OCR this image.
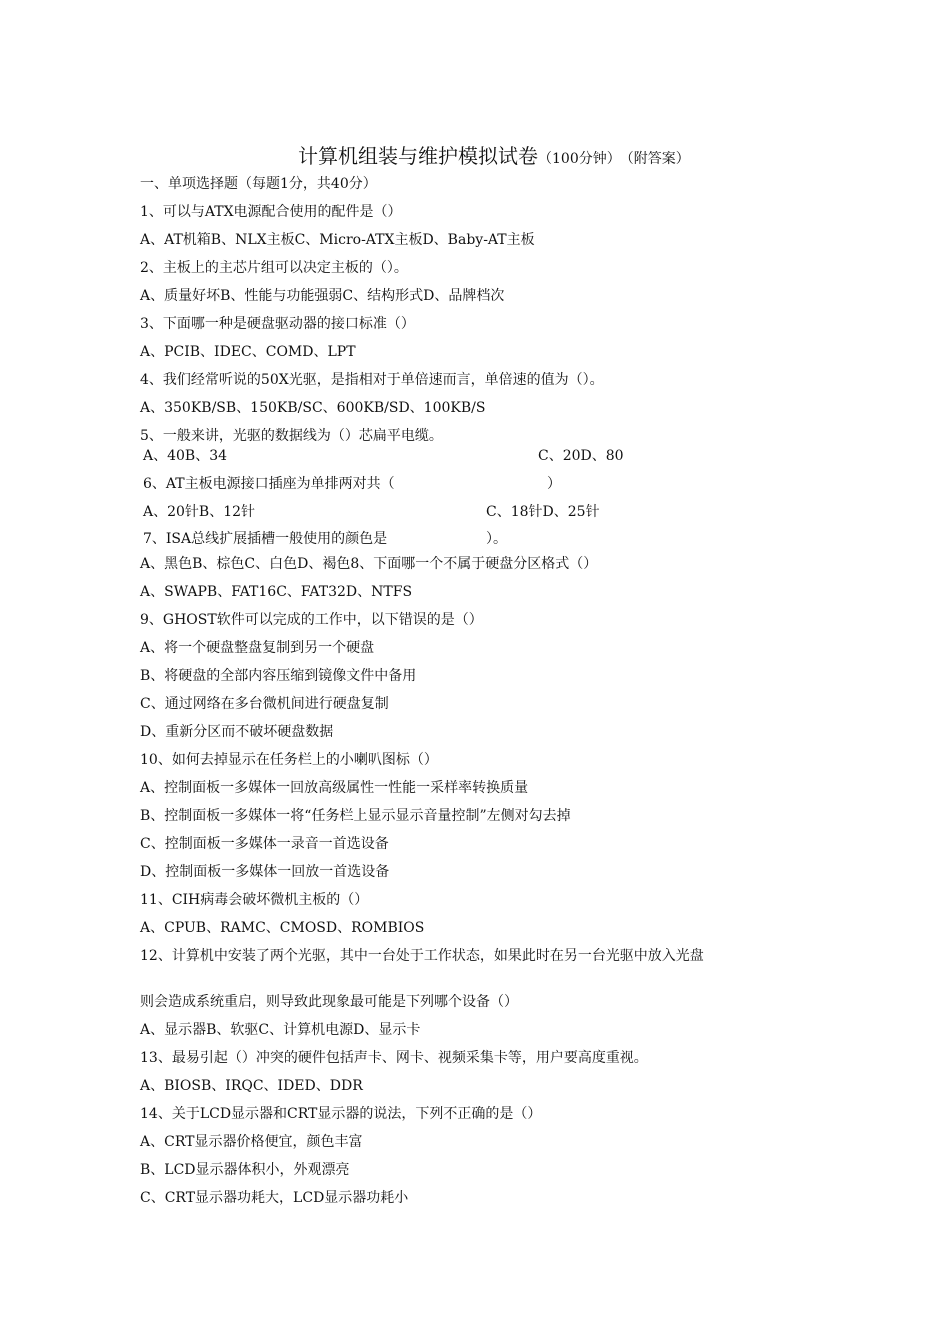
计算机组装与维护模拟试卷（100分钟） （附答案）
一、单项选择题（每题1分，共40分）
1、可以与ATX电源配合使用的配件是（）
A、AT机箱B、NLX主板C、Micro-ATX主板D、Baby-AT主板
2、主板上的主芯片组可以决定主板的（）。
A、质量好坏B、性能与功能强弱C、结构形式D、品牌档次
3、下面哪一种是硬盘驱动器的接口标准（）
A、PCIB、IDEC、COMD、LPT
4、我们经常听说的50X光驱，是指相对于单倍速而言，单倍速的值为（）。
A、350KB/SB、150KB/SC、600KB/SD、100KB/S
5、一般来讲，光驱的数据线为（）芯扁平电缆。
A、40B、34	C、20D、80
6、AT主板电源接口插座为单排两对共（	）
A、20针B、12针	C、18针D、25针
7、ISA总线扩展插槽一般使用的颜色是	）。
A、黑色B、棕色C、白色D、褐色8、下面哪一个不属于硬盘分区格式（）
A、SWAPB、FAT16C、FAT32D、NTFS
9、GHOST软件可以完成的工作中，以下错误的是（）
A、将一个硬盘整盘复制到另一个硬盘
B、将硬盘的全部内容压缩到镜像文件中备用
C、通过网络在多台微机间进行硬盘复制
D、重新分区而不破坏硬盘数据
10、如何去掉显示在任务栏上的小喇叭图标（）
A、控制面板一多媒体一回放高级属性一性能一采样率转换质量
B、控制面板一多媒体一将“任务栏上显示显示音量控制”左侧对勾去掉
C、控制面板一多媒体一录音一首选设备
D、控制面板一多媒体一回放一首选设备
11、CIH病毒会破坏微机主板的（）
A、CPUB、RAMC、CMOSD、ROMBIOS
12、计算机中安装了两个光驱，其中一台处于工作状态，如果此时在另一台光驱中放入光盘
则会造成系统重启，则导致此现象最可能是下列哪个设备（）
A、显示器B、软驱C、计算机电源D、显示卡
13、最易引起（）冲突的硬件包括声卡、网卡、视频采集卡等，用户要高度重视。
A、BIOSB、IRQC、IDED、DDR
14、关于LCD显示器和CRT显示器的说法，下列不正确的是（）
A、CRT显示器价格便宜，颜色丰富
B、LCD显示器体积小，外观漂亮
C、CRT显示器功耗大，LCD显示器功耗小
